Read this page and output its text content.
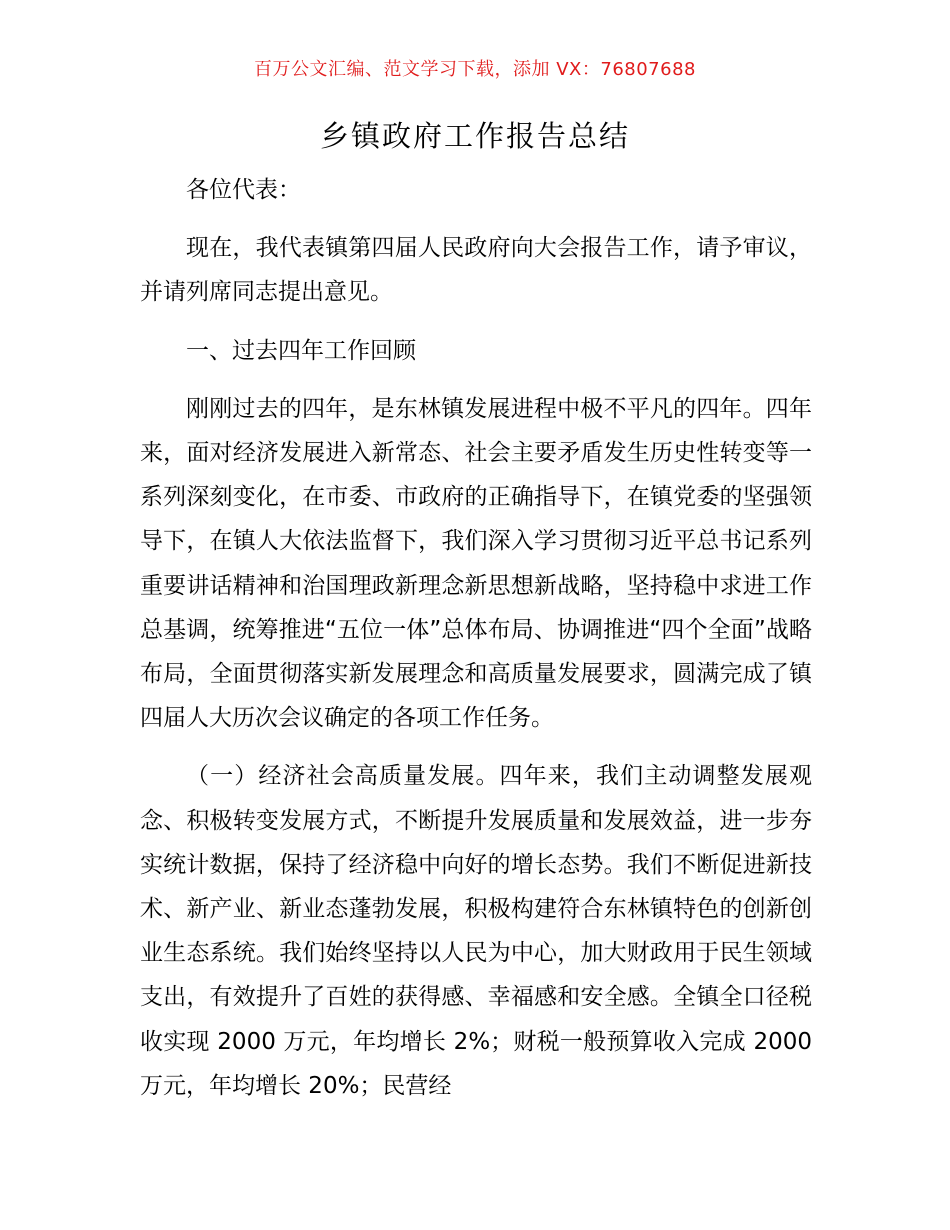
百万公文汇编、范文学习下载，添加 VX：76807688
乡镇政府工作报告总结

各位代表：

现在，我代表镇第四届人民政府向大会报告工作，请予审议，并请列席同志提出意见。

一、过去四年工作回顾

刚刚过去的四年，是东林镇发展进程中极不平凡的四年。四年来，面对经济发展进入新常态、社会主要矛盾发生历史性转变等一系列深刻变化，在市委、市政府的正确指导下，在镇党委的坚强领导下，在镇人大依法监督下，我们深入学习贯彻习近平总书记系列重要讲话精神和治国理政新理念新思想新战略，坚持稳中求进工作总基调，统筹推进“五位一体”总体布局、协调推进“四个全面”战略布局，全面贯彻落实新发展理念和高质量发展要求，圆满完成了镇四届人大历次会议确定的各项工作任务。

（一）经济社会高质量发展。四年来，我们主动调整发展观念、积极转变发展方式，不断提升发展质量和发展效益，进一步夯实统计数据，保持了经济稳中向好的增长态势。我们不断促进新技术、新产业、新业态蓬勃发展，积极构建符合东林镇特色的创新创业生态系统。我们始终坚持以人民为中心，加大财政用于民生领域支出，有效提升了百姓的获得感、幸福感和安全感。全镇全口径税收实现 2000 万元，年均增长 2%；财税一般预算收入完成 2000 万元，年均增长 20%；民营经
